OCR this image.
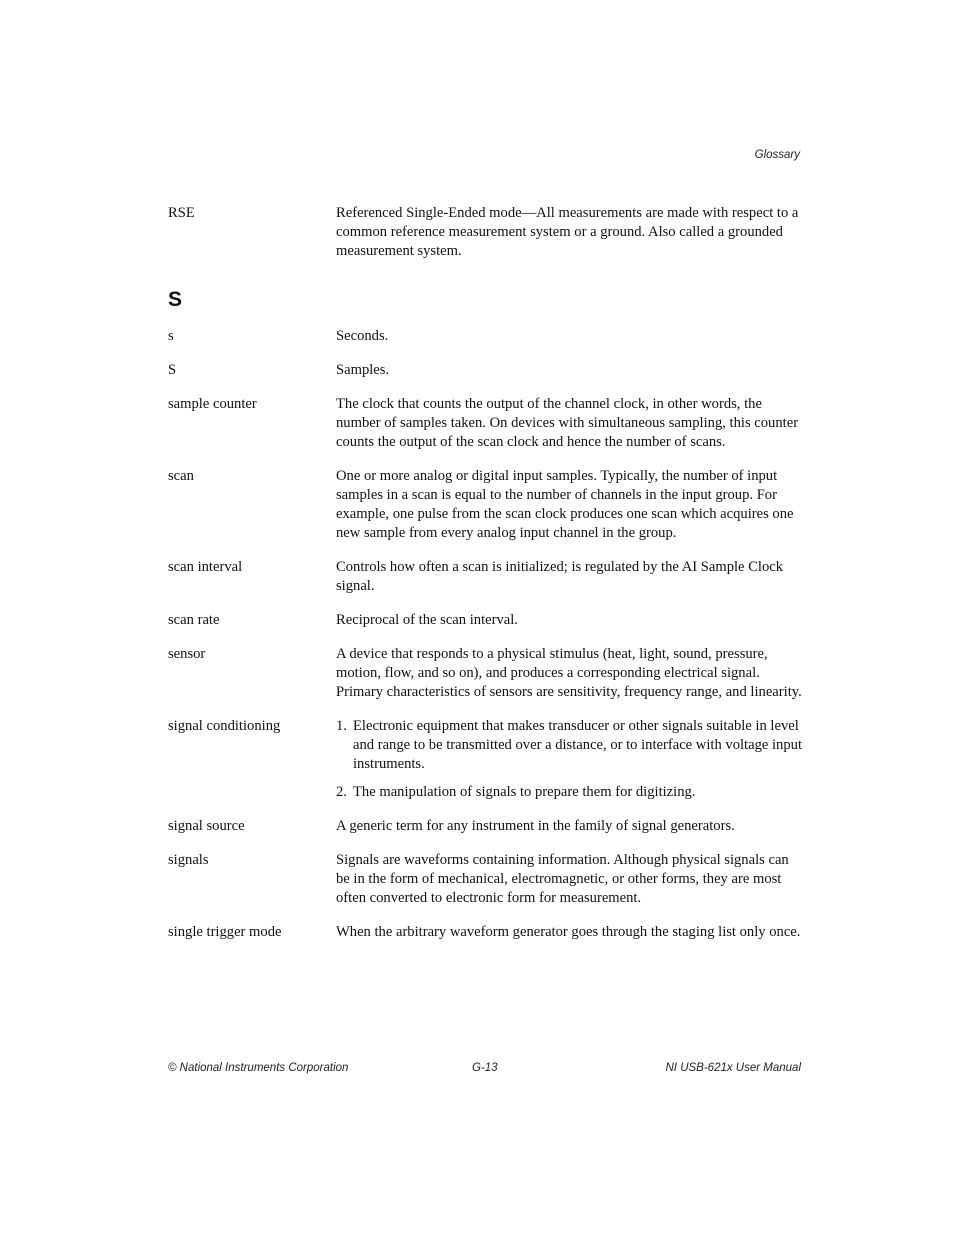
Glossary
RSE	Referenced Single-Ended mode—All measurements are made with respect to a common reference measurement system or a ground. Also called a grounded measurement system.

S
s	Seconds.

S	Samples.

sample counter	The clock that counts the output of the channel clock, in other words, the number of samples taken. On devices with simultaneous sampling, this counter counts the output of the scan clock and hence the number of scans.

scan	One or more analog or digital input samples. Typically, the number of input samples in a scan is equal to the number of channels in the input group. For example, one pulse from the scan clock produces one scan which acquires one new sample from every analog input channel in the group.

scan interval	Controls how often a scan is initialized; is regulated by the AI Sample Clock signal.

scan rate	Reciprocal of the scan interval.

sensor	A device that responds to a physical stimulus (heat, light, sound, pressure, motion, flow, and so on), and produces a corresponding electrical signal. Primary characteristics of sensors are sensitivity, frequency range, and linearity.

signal conditioning	1. Electronic equipment that makes transducer or other signals suitable in level and range to be transmitted over a distance, or to interface with voltage input instruments.
2. The manipulation of signals to prepare them for digitizing.
signal source	A generic term for any instrument in the family of signal generators.

signals	Signals are waveforms containing information. Although physical signals can be in the form of mechanical, electromagnetic, or other forms, they are most often converted to electronic form for measurement.

single trigger mode	When the arbitrary waveform generator goes through the staging list only once.

© National Instruments Corporation	G-13	NI USB-621x User Manual
